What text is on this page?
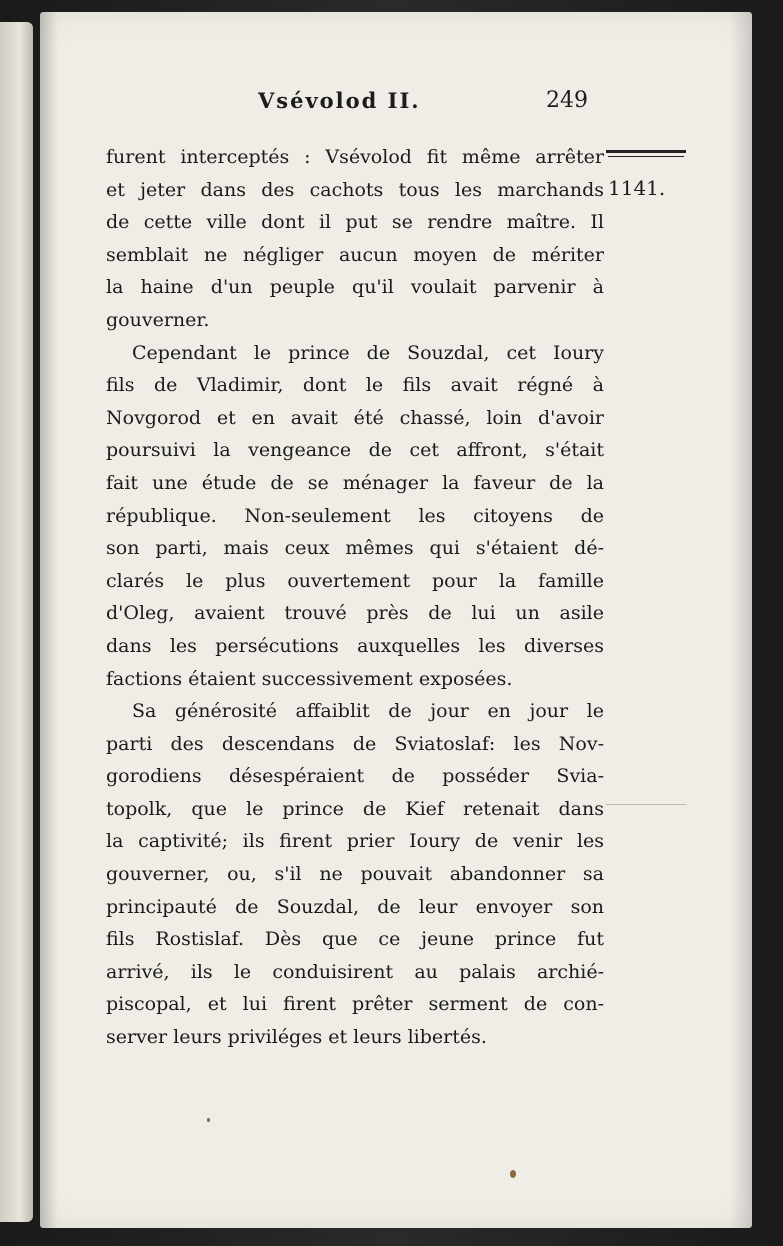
Vsévolod II.	249
1141.
furent interceptés : Vsévolod fit même arrêter
et jeter dans des cachots tous les marchands
de cette ville dont il put se rendre maître. Il
semblait ne négliger aucun moyen de mériter
la haine d'un peuple qu'il voulait parvenir à
gouverner.
Cependant le prince de Souzdal, cet Ioury
fils de Vladimir, dont le fils avait régné à
Novgorod et en avait été chassé, loin d'avoir
poursuivi la vengeance de cet affront, s'était
fait une étude de se ménager la faveur de la
république. Non-seulement les citoyens de
son parti, mais ceux mêmes qui s'étaient dé-
clarés le plus ouvertement pour la famille
d'Oleg, avaient trouvé près de lui un asile
dans les persécutions auxquelles les diverses
factions étaient successivement exposées.
Sa générosité affaiblit de jour en jour le
parti des descendans de Sviatoslaf: les Nov-
gorodiens désespéraient de posséder Svia-
topolk, que le prince de Kief retenait dans
la captivité; ils firent prier Ioury de venir les
gouverner, ou, s'il ne pouvait abandonner sa
principauté de Souzdal, de leur envoyer son
fils Rostislaf. Dès que ce jeune prince fut
arrivé, ils le conduisirent au palais archié-
piscopal, et lui firent prêter serment de con-
server leurs priviléges et leurs libertés.
